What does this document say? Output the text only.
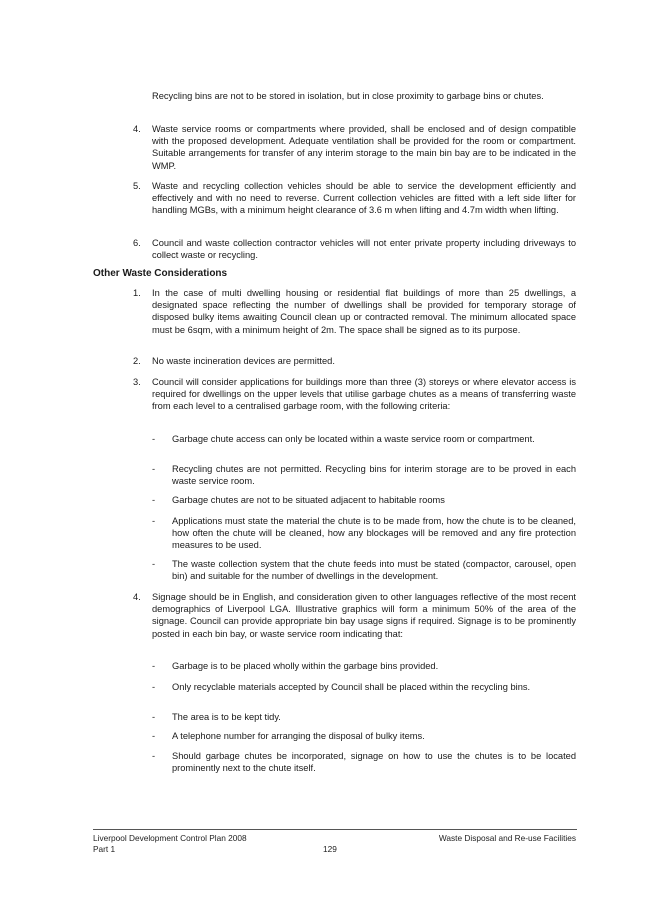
Recycling bins are not to be stored in isolation, but in close proximity to garbage bins or chutes.
4.	Waste service rooms or compartments where provided, shall be enclosed and of design compatible with the proposed development. Adequate ventilation shall be provided for the room or compartment. Suitable arrangements for transfer of any interim storage to the main bin bay are to be indicated in the WMP.
5.	Waste and recycling collection vehicles should be able to service the development efficiently and effectively and with no need to reverse. Current collection vehicles are fitted with a left side lifter for handling MGBs, with a minimum height clearance of 3.6 m when lifting and 4.7m width when lifting.
6.	Council and waste collection contractor vehicles will not enter private property including driveways to collect waste or recycling.
Other Waste Considerations
1.	In the case of multi dwelling housing or residential flat buildings of more than 25 dwellings, a designated space reflecting the number of dwellings shall be provided for temporary storage of disposed bulky items awaiting Council clean up or contracted removal. The minimum allocated space must be 6sqm, with a minimum height of 2m. The space shall be signed as to its purpose.
2.	No waste incineration devices are permitted.
3.	Council will consider applications for buildings more than three (3) storeys or where elevator access is required for dwellings on the upper levels that utilise garbage chutes as a means of transferring waste from each level to a centralised garbage room, with the following criteria:
- Garbage chute access can only be located within a waste service room or compartment.
- Recycling chutes are not permitted. Recycling bins for interim storage are to be proved in each waste service room.
- Garbage chutes are not to be situated adjacent to habitable rooms
- Applications must state the material the chute is to be made from, how the chute is to be cleaned, how often the chute will be cleaned, how any blockages will be removed and any fire protection measures to be used.
- The waste collection system that the chute feeds into must be stated (compactor, carousel, open bin) and suitable for the number of dwellings in the development.
4.	Signage should be in English, and consideration given to other languages reflective of the most recent demographics of Liverpool LGA. Illustrative graphics will form a minimum 50% of the area of the signage. Council can provide appropriate bin bay usage signs if required. Signage is to be prominently posted in each bin bay, or waste service room indicating that:
- Garbage is to be placed wholly within the garbage bins provided.
- Only recyclable materials accepted by Council shall be placed within the recycling bins.
- The area is to be kept tidy.
- A telephone number for arranging the disposal of bulky items.
- Should garbage chutes be incorporated, signage on how to use the chutes is to be located prominently next to the chute itself.
Liverpool Development Control Plan 2008
Part 1	129
Waste Disposal and Re-use Facilities
